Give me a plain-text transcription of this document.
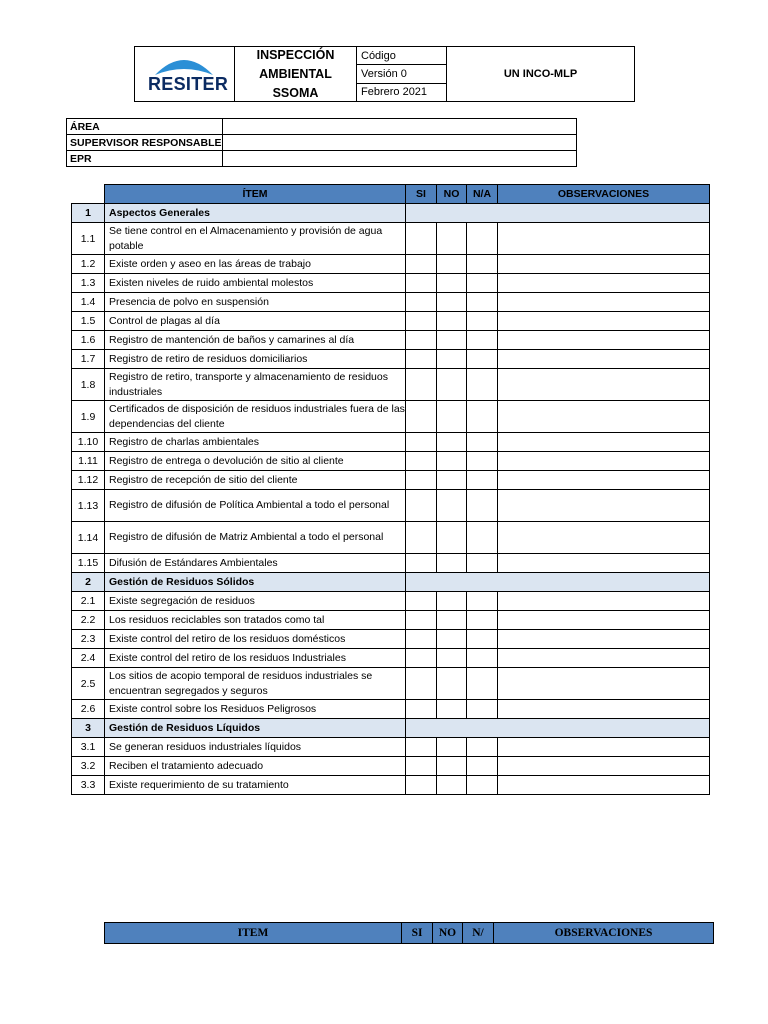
RESITER
INSPECCIÓN AMBIENTAL
SSOMA
Código
Versión 0
Febrero 2021
UN INCO-MLP
ÁREA	
SUPERVISOR RESPONSABLE	
EPR	
	ÍTEM	SI	NO	N/A	OBSERVACIONES
1	Aspectos Generales				
1.1	Se tiene control en el Almacenamiento y provisión de agua potable				
1.2	Existe orden y aseo en las áreas de trabajo				
1.3	Existen niveles de ruido ambiental molestos				
1.4	Presencia de polvo en suspensión				
1.5	Control de plagas al día				
1.6	Registro de mantención de baños y camarines al día				
1.7	Registro de retiro de residuos domiciliarios				
1.8	Registro de retiro, transporte y almacenamiento de residuos industriales				
1.9	Certificados de disposición de residuos industriales fuera de las dependencias del cliente				
1.10	Registro de charlas ambientales				
1.11	Registro de entrega o devolución de sitio al cliente				
1.12	Registro de recepción de sitio del cliente				
1.13	Registro de difusión de Política Ambiental a todo el personal				
1.14	Registro de difusión de Matriz Ambiental a todo el personal				
1.15	Difusión de Estándares Ambientales				
2	Gestión de Residuos Sólidos				
2.1	Existe segregación de residuos				
2.2	Los residuos reciclables son tratados como tal				
2.3	Existe control del retiro de los residuos domésticos				
2.4	Existe control del retiro de los residuos Industriales				
2.5	Los sitios de acopio temporal de residuos industriales se encuentran segregados y seguros				
2.6	Existe control sobre los Residuos Peligrosos				
3	Gestión de Residuos Líquidos				
3.1	Se generan residuos industriales líquidos				
3.2	Reciben el tratamiento adecuado				
3.3	Existe requerimiento de su tratamiento				
ITEM	SI	NO	N/	OBSERVACIONES
